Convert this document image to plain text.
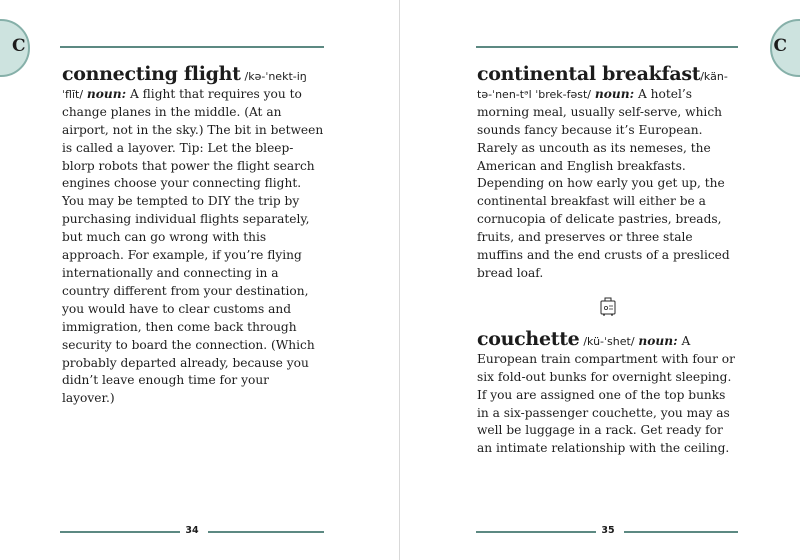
C

connecting flight /kə-ˈnekt-iŋ ˈflīt/ noun: A flight that requires you to change planes in the middle. (At an airport, not in the sky.) The bit in between is called a layover. Tip: Let the bleep-blorp robots that power the flight search engines choose your connecting flight. You may be tempted to DIY the trip by purchasing individual flights separately, but much can go wrong with this approach. For example, if you’re flying internationally and connecting in a country different from your destination, you would have to clear customs and immigration, then come back through security to board the connection. (Which probably departed already, because you didn’t leave enough time for your layover.)

34
C

continental breakfast/kän-tə-ˈnen-tᵊl ˈbrek-fəst/ noun: A hotel’s morning meal, usually self-serve, which sounds fancy because it’s European. Rarely as uncouth as its nemeses, the American and English breakfasts. Depending on how early you get up, the continental breakfast will either be a cornucopia of delicate pastries, breads, fruits, and preserves or three stale muffins and the end crusts of a presliced bread loaf.

couchette /kü-ˈshet/ noun: A European train compartment with four or six fold-out bunks for overnight sleeping. If you are assigned one of the top bunks in a six-passenger couchette, you may as well be luggage in a rack. Get ready for an intimate relationship with the ceiling.

35
